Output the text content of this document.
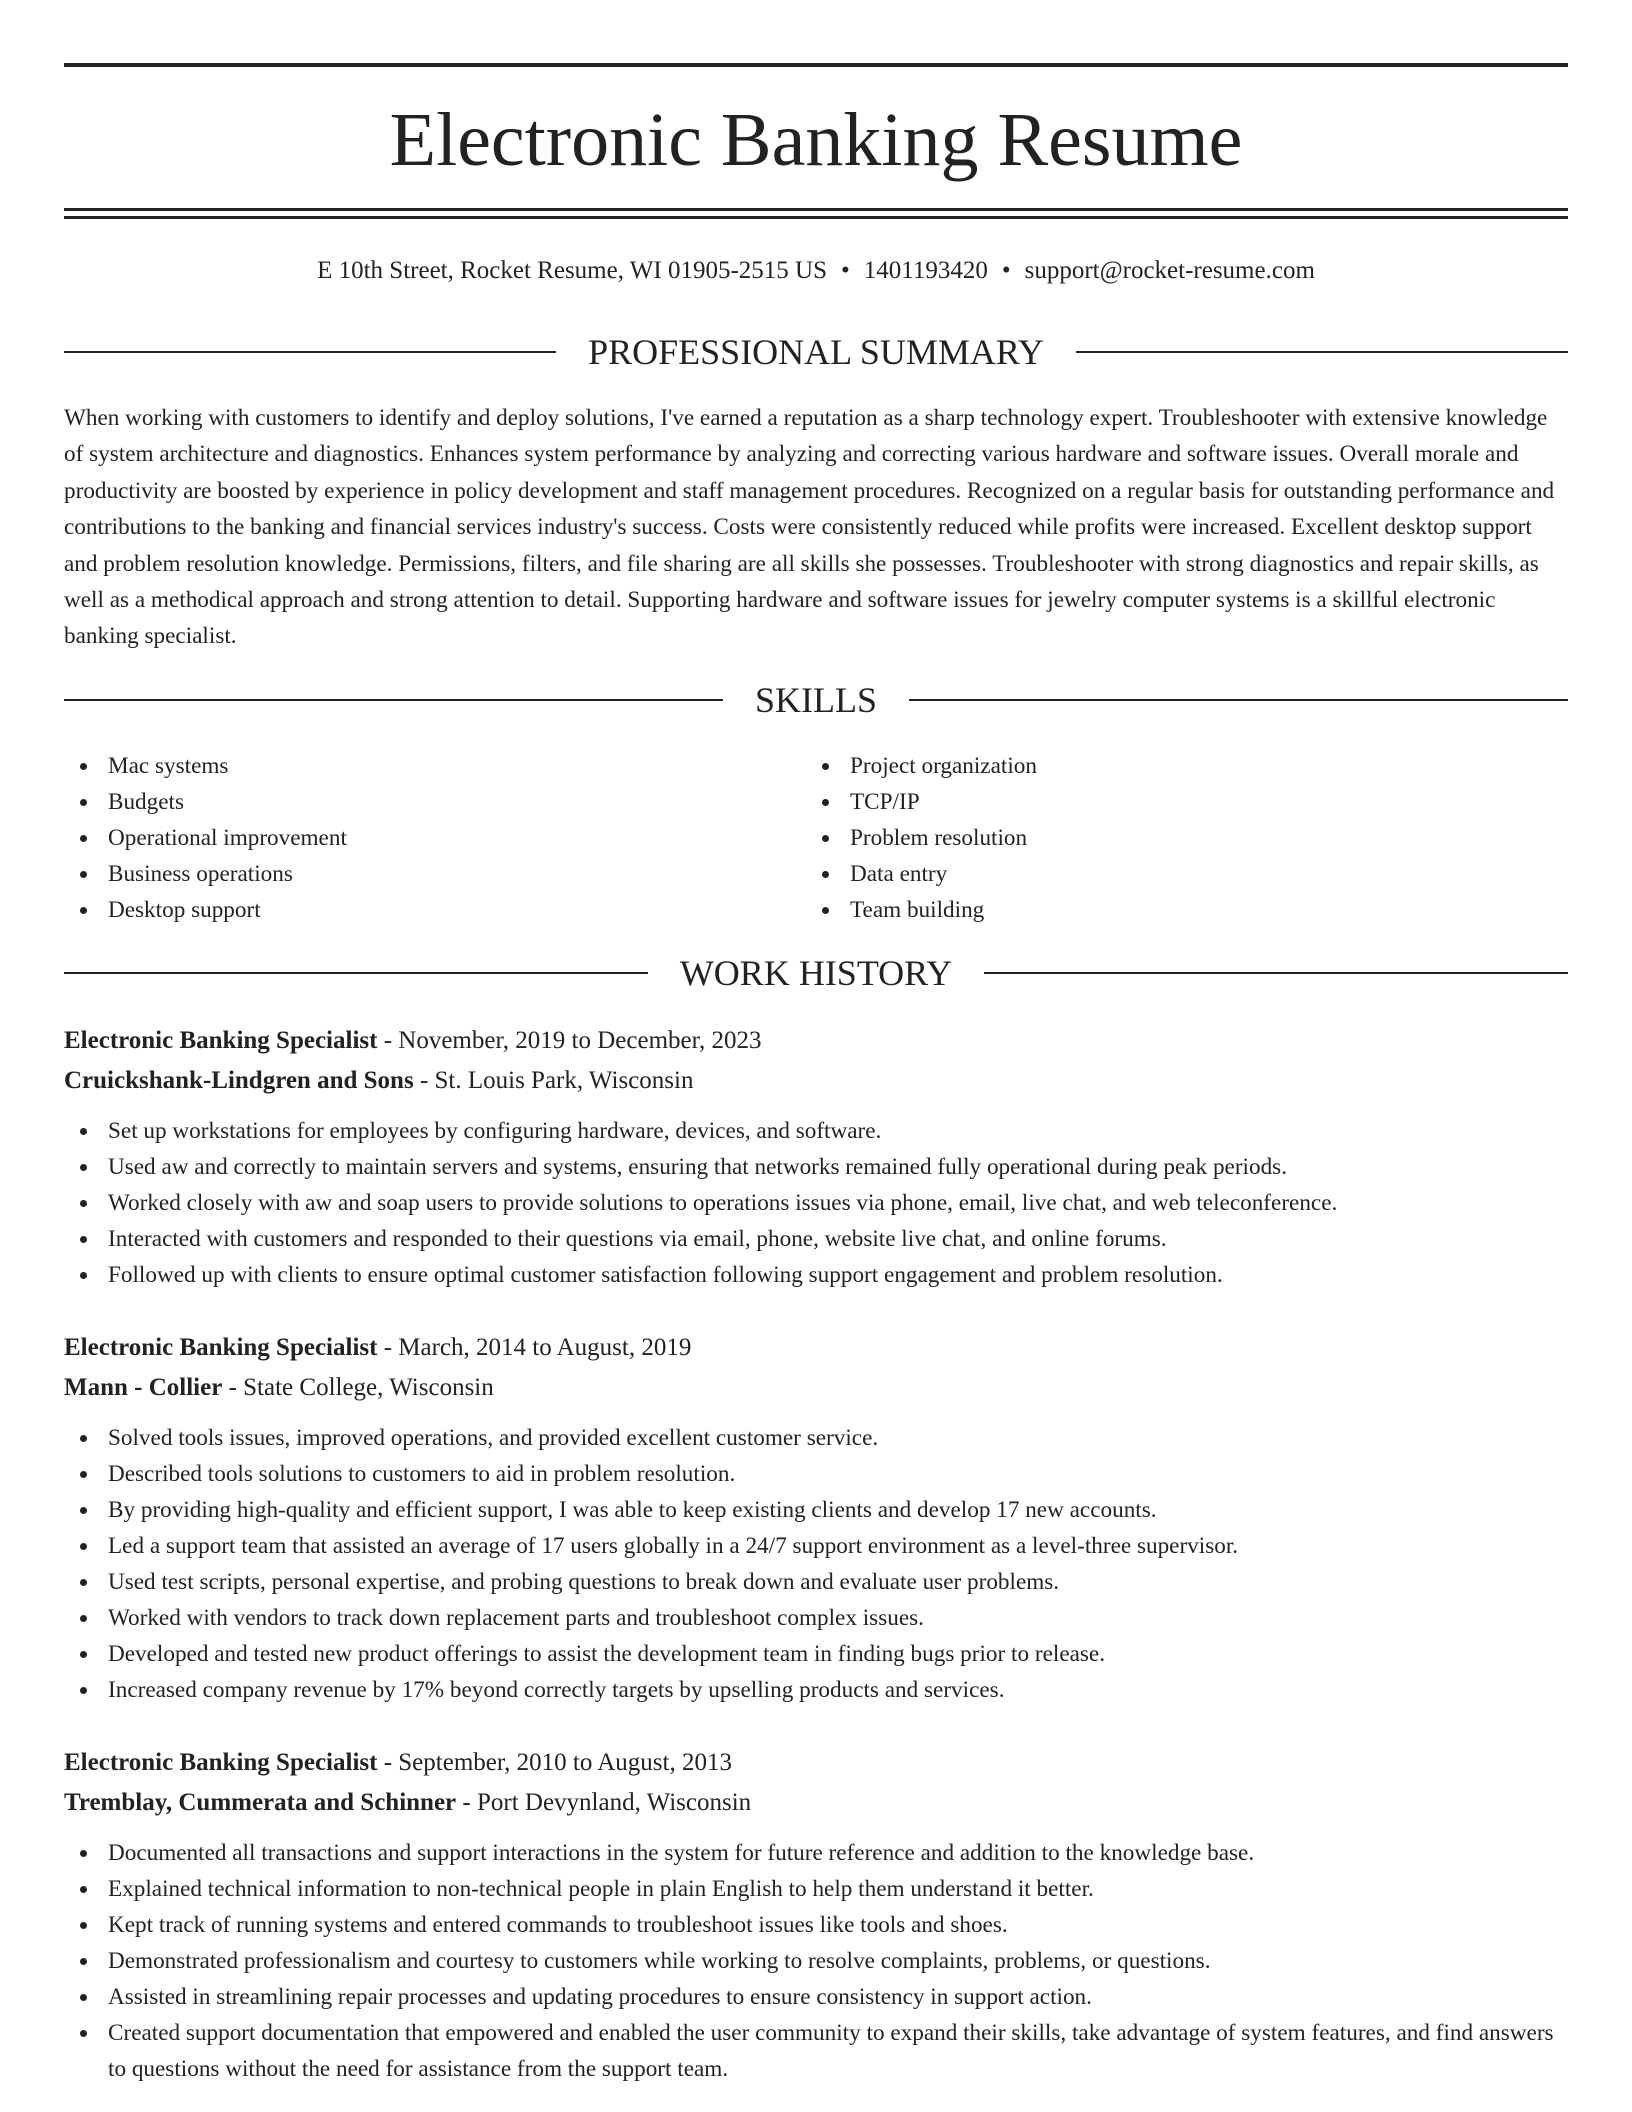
Electronic Banking Resume
E 10th Street, Rocket Resume, WI 01905-2515 US • 1401193420 • support@rocket-resume.com
PROFESSIONAL SUMMARY

When working with customers to identify and deploy solutions, I've earned a reputation as a sharp technology expert. Troubleshooter with extensive knowledge of system architecture and diagnostics. Enhances system performance by analyzing and correcting various hardware and software issues. Overall morale and productivity are boosted by experience in policy development and staff management procedures. Recognized on a regular basis for outstanding performance and contributions to the banking and financial services industry's success. Costs were consistently reduced while profits were increased. Excellent desktop support and problem resolution knowledge. Permissions, filters, and file sharing are all skills she possesses. Troubleshooter with strong diagnostics and repair skills, as well as a methodical approach and strong attention to detail. Supporting hardware and software issues for jewelry computer systems is a skillful electronic banking specialist.

SKILLS
Mac systems
Budgets
Operational improvement
Business operations
Desktop support
Project organization
TCP/IP
Problem resolution
Data entry
Team building
WORK HISTORY
Electronic Banking Specialist - November, 2019 to December, 2023
Cruickshank-Lindgren and Sons - St. Louis Park, Wisconsin
Set up workstations for employees by configuring hardware, devices, and software.
Used aw and correctly to maintain servers and systems, ensuring that networks remained fully operational during peak periods.
Worked closely with aw and soap users to provide solutions to operations issues via phone, email, live chat, and web teleconference.
Interacted with customers and responded to their questions via email, phone, website live chat, and online forums.
Followed up with clients to ensure optimal customer satisfaction following support engagement and problem resolution.
Electronic Banking Specialist - March, 2014 to August, 2019
Mann - Collier - State College, Wisconsin
Solved tools issues, improved operations, and provided excellent customer service.
Described tools solutions to customers to aid in problem resolution.
By providing high-quality and efficient support, I was able to keep existing clients and develop 17 new accounts.
Led a support team that assisted an average of 17 users globally in a 24/7 support environment as a level-three supervisor.
Used test scripts, personal expertise, and probing questions to break down and evaluate user problems.
Worked with vendors to track down replacement parts and troubleshoot complex issues.
Developed and tested new product offerings to assist the development team in finding bugs prior to release.
Increased company revenue by 17% beyond correctly targets by upselling products and services.
Electronic Banking Specialist - September, 2010 to August, 2013
Tremblay, Cummerata and Schinner - Port Devynland, Wisconsin
Documented all transactions and support interactions in the system for future reference and addition to the knowledge base.
Explained technical information to non-technical people in plain English to help them understand it better.
Kept track of running systems and entered commands to troubleshoot issues like tools and shoes.
Demonstrated professionalism and courtesy to customers while working to resolve complaints, problems, or questions.
Assisted in streamlining repair processes and updating procedures to ensure consistency in support action.
Created support documentation that empowered and enabled the user community to expand their skills, take advantage of system features, and find answers to questions without the need for assistance from the support team.
